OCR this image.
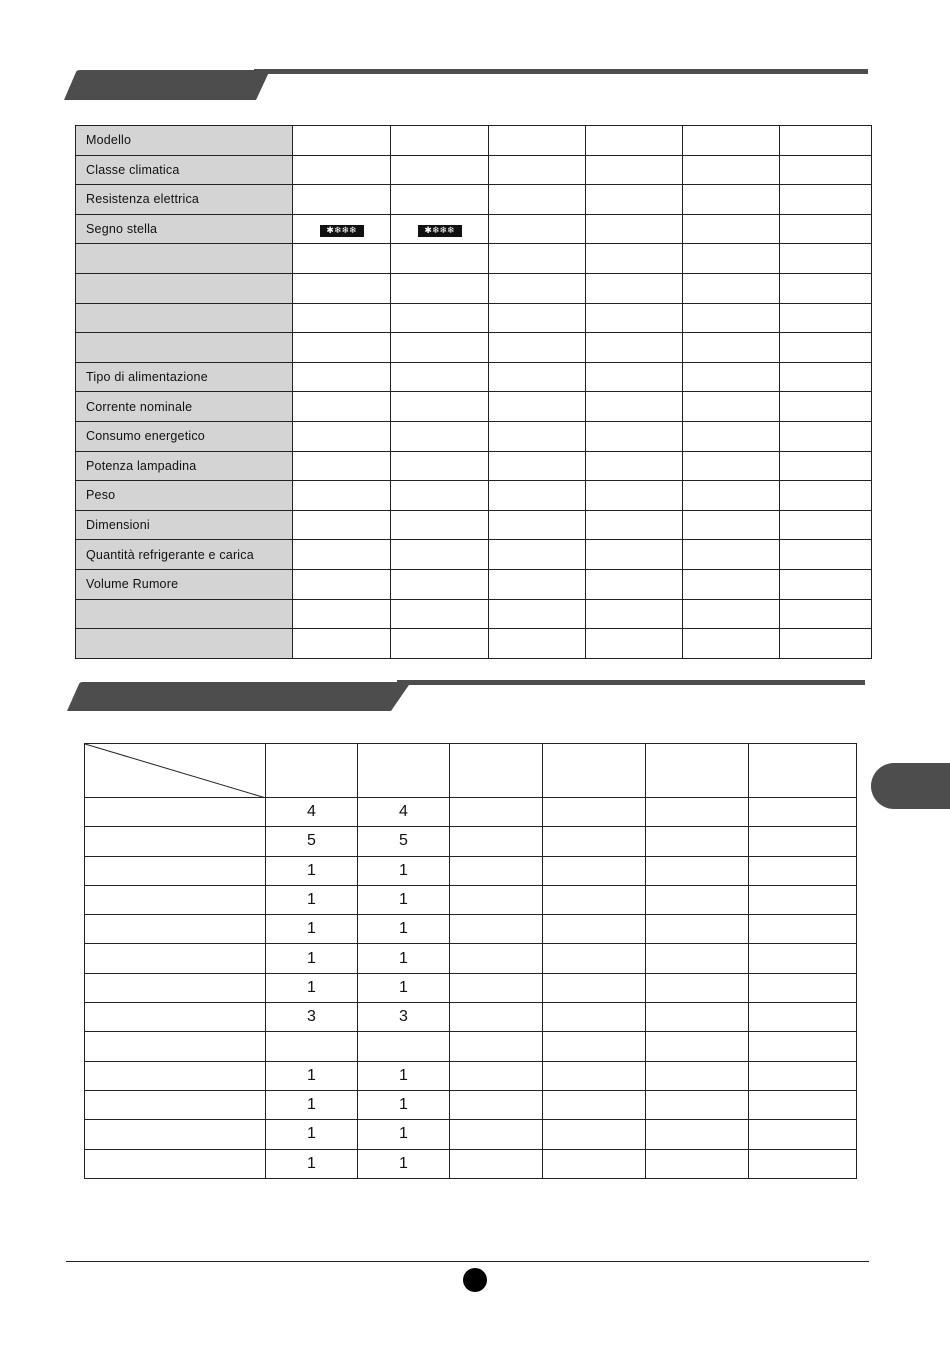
Modello						
Classe climatica						
Resistenza elettrica						
Segno stella	✱❄❄❄	✱❄❄❄				

Tipo di alimentazione						
Corrente nominale						
Consumo energetico						
Potenza lampadina						
Peso						
Dimensioni						
Quantità refrigerante e carica						
Volume Rumore						

	4	4				
	5	5				
	1	1				
	1	1				
	1	1				
	1	1				
	1	1				
	3	3				

	1	1				
	1	1				
	1	1				
	1	1				
